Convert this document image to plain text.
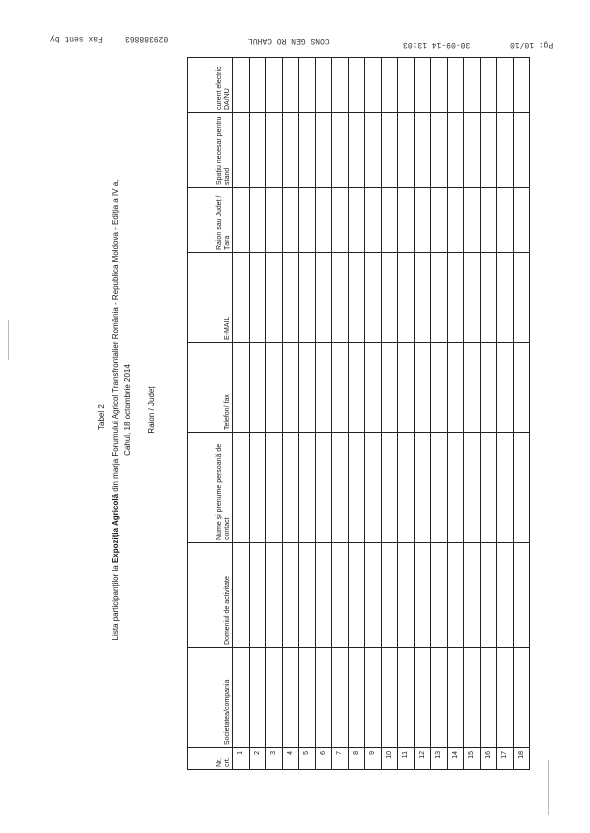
Fax sent by	029388863	CONS GEN RO CAHUL	30-09-14 13:03	Pg: 10/10
Tabel 2
Lista participanților la Expoziția Agricolă din marja Forumului Agricol Transfrontalier România - Republica Moldova - Ediția a IV a, Cahul, 18 octombrie 2014 Raion / Județ
Nr. crt.	Societatea/compania	Domeniul de activitate	Nume și prenume persoană de contact	Telefon/ fax	E-MAIL	Raion sau Județ / Țara	Spațiu necesar pentru stand	curent electric DA/NU
1								
2								
3								
4								
5								
6								
7								
8								
9								
10								
11								
12								
13								
14								
15								
16								
17								
18								
